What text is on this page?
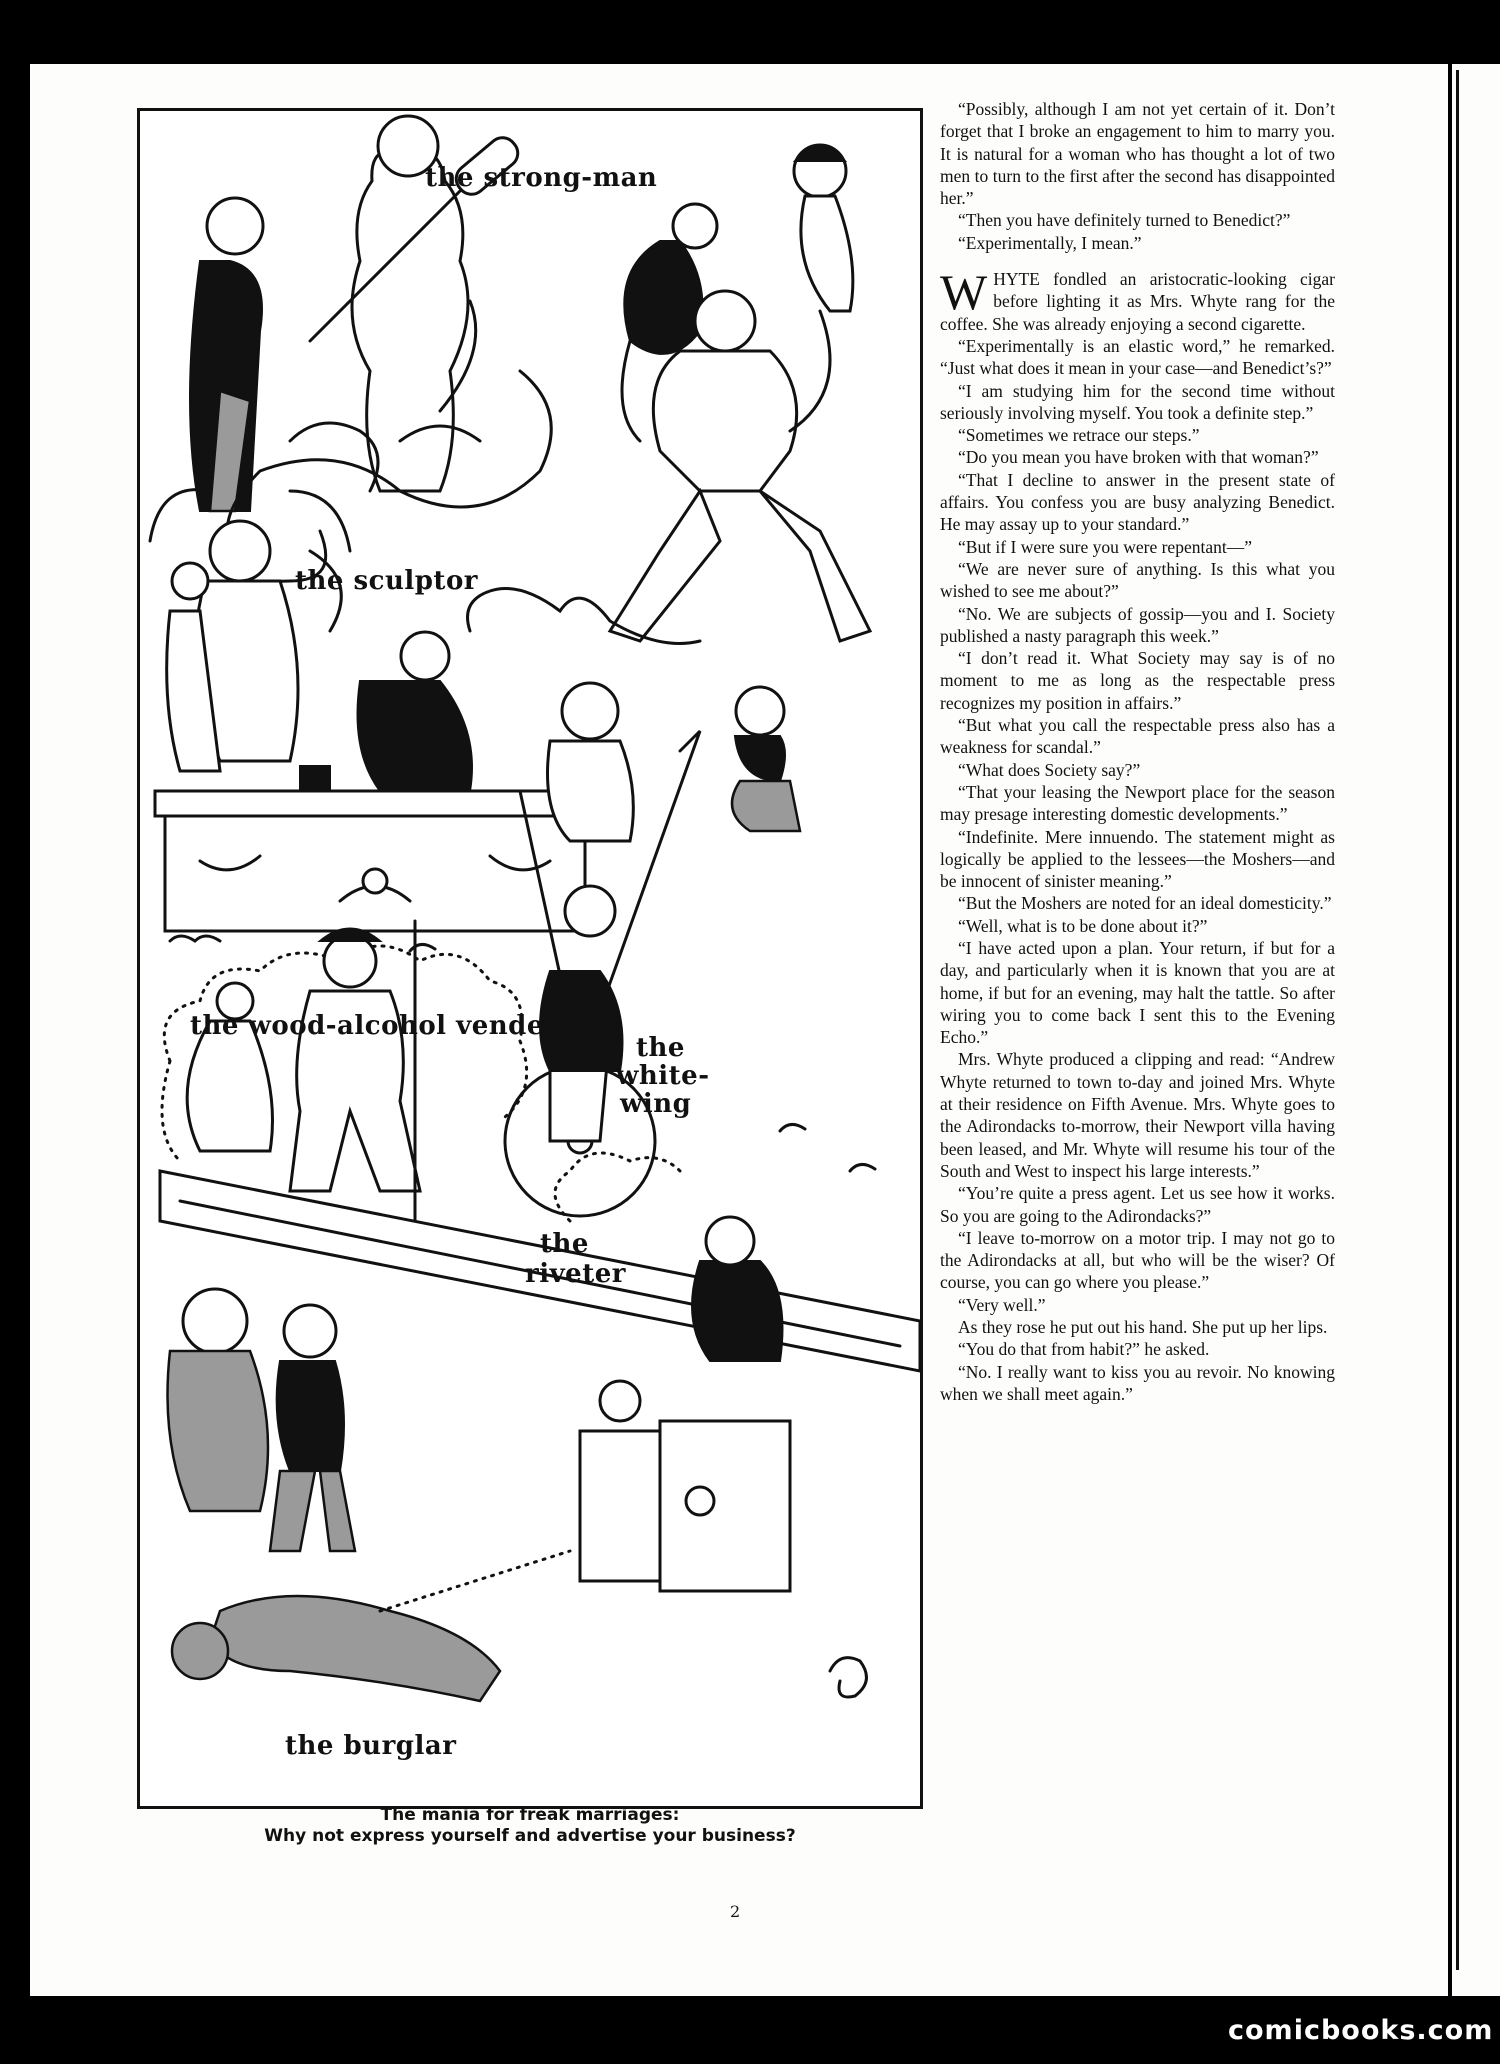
the strong-man
the sculptor
the wood-alcohol vender
the
white-
wing
the
riveter
the burglar
The mania for freak marriages:
Why not express yourself and advertise your business?
2

“Possibly, although I am not yet certain of it. Don’t forget that I broke an engagement to him to marry you. It is natural for a woman who has thought a lot of two men to turn to the first after the second has disappointed her.”

“Then you have definitely turned to Benedict?”

“Experimentally, I mean.”

WHYTE fondled an aristocratic-looking cigar before lighting it as Mrs. Whyte rang for the coffee. She was already enjoying a second cigarette.

“Experimentally is an elastic word,” he remarked. “Just what does it mean in your case—and Benedict’s?”

“I am studying him for the second time without seriously involving myself. You took a definite step.”

“Sometimes we retrace our steps.”

“Do you mean you have broken with that woman?”

“That I decline to answer in the present state of affairs. You confess you are busy analyzing Benedict. He may assay up to your standard.”

“But if I were sure you were repentant—”

“We are never sure of anything. Is this what you wished to see me about?”

“No. We are subjects of gossip—you and I. Society published a nasty paragraph this week.”

“I don’t read it. What Society may say is of no moment to me as long as the respectable press recognizes my position in affairs.”

“But what you call the respectable press also has a weakness for scandal.”

“What does Society say?”

“That your leasing the Newport place for the season may presage interesting domestic developments.”

“Indefinite. Mere innuendo. The statement might as logically be applied to the lessees—the Moshers—and be innocent of sinister meaning.”

“But the Moshers are noted for an ideal domesticity.”

“Well, what is to be done about it?”

“I have acted upon a plan. Your return, if but for a day, and particularly when it is known that you are at home, if but for an evening, may halt the tattle. So after wiring you to come back I sent this to the Evening Echo.”

Mrs. Whyte produced a clipping and read: “Andrew Whyte returned to town to-day and joined Mrs. Whyte at their residence on Fifth Avenue. Mrs. Whyte goes to the Adirondacks to-morrow, their Newport villa having been leased, and Mr. Whyte will resume his tour of the South and West to inspect his large interests.”

“You’re quite a press agent. Let us see how it works. So you are going to the Adirondacks?”

“I leave to-morrow on a motor trip. I may not go to the Adirondacks at all, but who will be the wiser? Of course, you can go where you please.”

“Very well.”

As they rose he put out his hand. She put up her lips.

“You do that from habit?” he asked.

“No. I really want to kiss you au revoir. No knowing when we shall meet again.”

comicbooks.com
